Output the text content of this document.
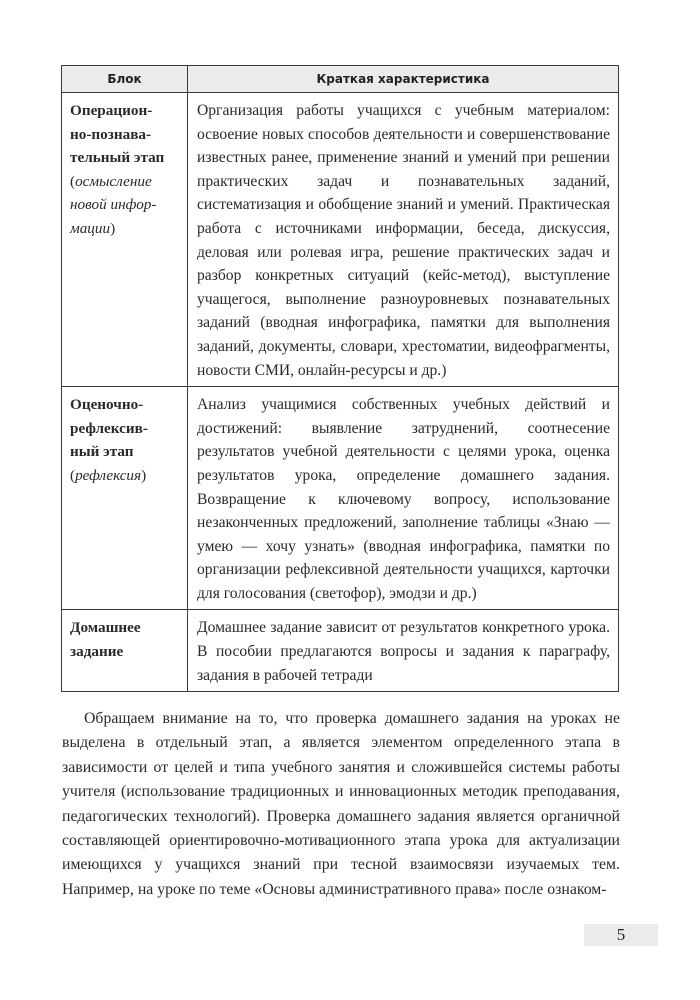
Блок	Краткая характеристика

Операцион-
но-познава-
тельный этап
(осмысление новой инфор-мации)	Организация работы учащихся с учебным материалом: освоение новых способов деятельности и совершенствование известных ранее, применение знаний и умений при решении практических задач и познавательных заданий, систематизация и обобщение знаний и умений. Практическая работа с источниками информации, беседа, дискуссия, деловая или ролевая игра, решение практических задач и разбор конкретных ситуаций (кейс-метод), выступление учащегося, выполнение разноуровневых познавательных заданий (вводная инфографика, памятки для выполнения заданий, документы, словари, хрестоматии, видеофрагменты, новости СМИ, онлайн-ресурсы и др.)

Оценочно-
рефлексив-
ный этап
(рефлексия)	Анализ учащимися собственных учебных действий и достижений: выявление затруднений, соотнесение результатов учебной деятельности с целями урока, оценка результатов урока, определение домашнего задания. Возвращение к ключевому вопросу, использование незаконченных предложений, заполнение таблицы «Знаю — умею — хочу узнать» (вводная инфографика, памятки по организации рефлексивной деятельности учащихся, карточки для голосования (светофор), эмодзи и др.)

Домашнее
задание	Домашнее задание зависит от результатов конкретного урока. В пособии предлагаются вопросы и задания к параграфу, задания в рабочей тетради

Обращаем внимание на то, что проверка домашнего задания на уроках не выделена в отдельный этап, а является элементом определенного этапа в зависимости от целей и типа учебного занятия и сложившейся системы работы учителя (использование традиционных и инновационных методик преподавания, педагогических технологий). Проверка домашнего задания является органичной составляющей ориентировочно-мотивационного этапа урока для актуализации имеющихся у учащихся знаний при тесной взаимосвязи изучаемых тем. Например, на уроке по теме «Основы административного права» после ознаком-

5
